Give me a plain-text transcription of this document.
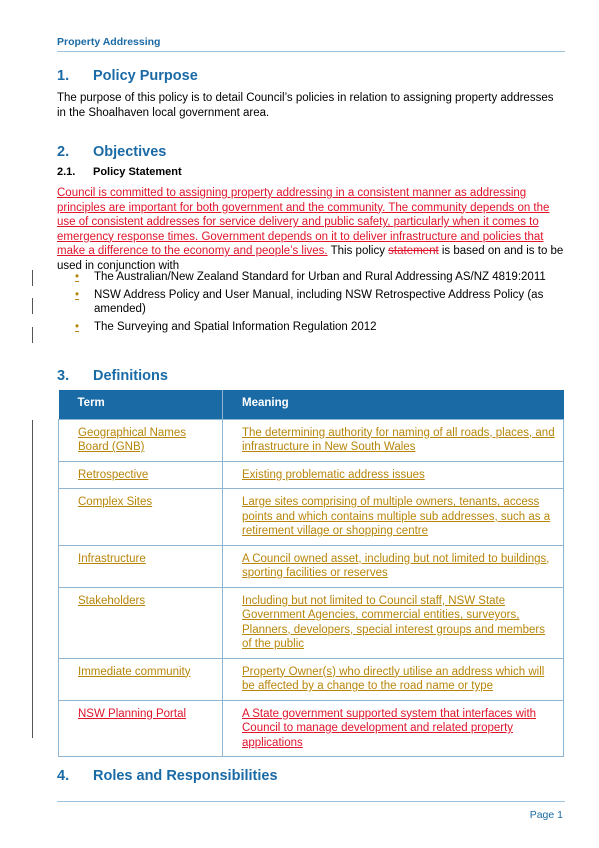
Property Addressing
1. Policy Purpose
The purpose of this policy is to detail Council’s policies in relation to assigning property addresses in the Shoalhaven local government area.
2. Objectives
2.1. Policy Statement
Council is committed to assigning property addressing in a consistent manner as addressing principles are important for both government and the community. The community depends on the use of consistent addresses for service delivery and public safety, particularly when it comes to emergency response times. Government depends on it to deliver infrastructure and policies that make a difference to the economy and people’s lives. This policy statement is based on and is to be used in conjunction with
• The Australian/New Zealand Standard for Urban and Rural Addressing AS/NZ 4819:2011
• NSW Address Policy and User Manual, including NSW Retrospective Address Policy (as amended)
• The Surveying and Spatial Information Regulation 2012
3. Definitions
Term	Meaning
Geographical Names Board (GNB)	The determining authority for naming of all roads, places, and infrastructure in New South Wales
Retrospective	Existing problematic address issues
Complex Sites	Large sites comprising of multiple owners, tenants, access points and which contains multiple sub addresses, such as a retirement village or shopping centre
Infrastructure	A Council owned asset, including but not limited to buildings, sporting facilities or reserves
Stakeholders	Including but not limited to Council staff, NSW State Government Agencies, commercial entities, surveyors, Planners, developers, special interest groups and members of the public
Immediate community	Property Owner(s) who directly utilise an address which will be affected by a change to the road name or type
NSW Planning Portal	A State government supported system that interfaces with Council to manage development and related property applications
4. Roles and Responsibilities
Page 1
